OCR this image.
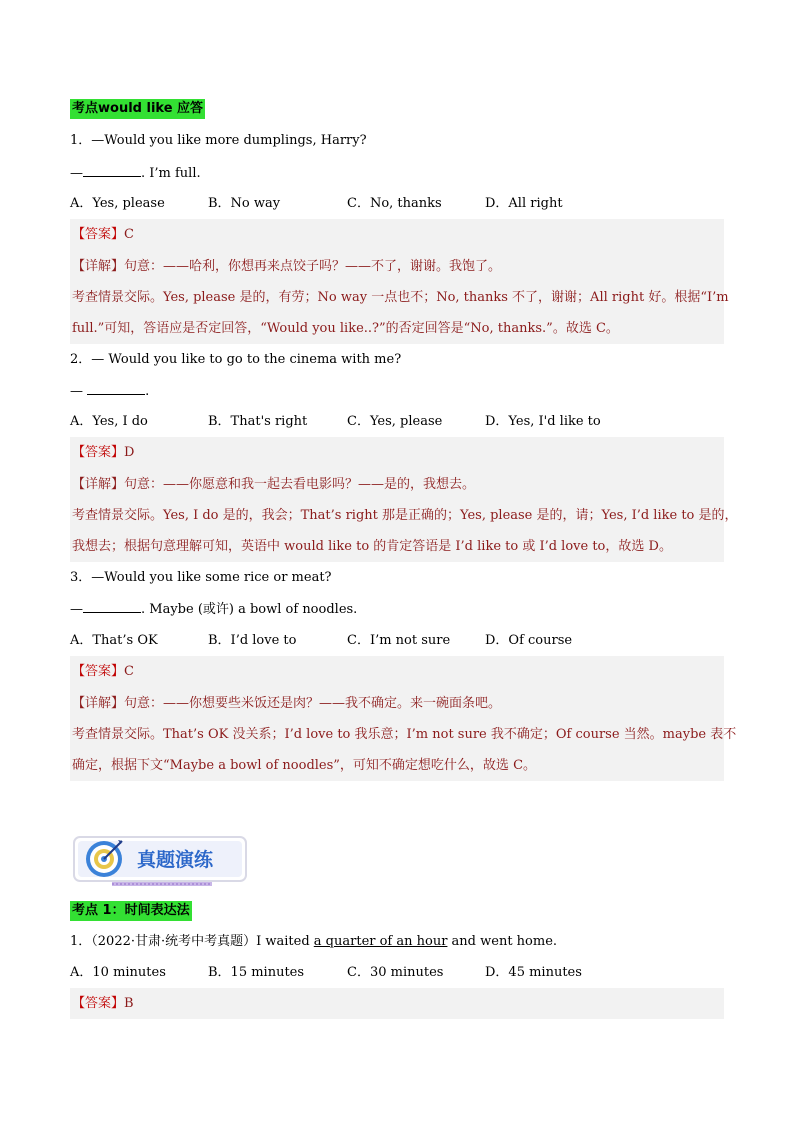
考点would like 应答
1．—Would you like more dumplings, Harry?
—	. I’m full.
A．Yes, please	B．No way	C．No, thanks	D．All right
【答案】C
【详解】句意：——哈利，你想再来点饺子吗？——不了，谢谢。我饱了。
考查情景交际。Yes, please 是的，有劳；No way 一点也不；No, thanks 不了，谢谢；All right 好。根据“I’m
full.”可知，答语应是否定回答，“Would you like..?”的否定回答是“No, thanks.”。故选 C。
2．— Would you like to go to the cinema with me?
—	.
A．Yes, I do	B．That's right	C．Yes, please	D．Yes, I'd like to
【答案】D
【详解】句意：——你愿意和我一起去看电影吗？——是的，我想去。
考查情景交际。Yes, I do 是的，我会；That’s right 那是正确的；Yes, please 是的，请；Yes, I’d like to 是的，
我想去；根据句意理解可知，英语中 would like to 的肯定答语是 I’d like to 或 I’d love to，故选 D。
3．—Would you like some rice or meat?
—	. Maybe (或许) a bowl of noodles.
A．That’s OK	B．I’d love to	C．I’m not sure	D．Of course
【答案】C
【详解】句意：——你想要些米饭还是肉？——我不确定。来一碗面条吧。
考查情景交际。That’s OK 没关系；I’d love to 我乐意；I’m not sure 我不确定；Of course 当然。maybe 表不
确定，根据下文“Maybe a bowl of noodles”，可知不确定想吃什么，故选 C。
真题演练
考点 1：时间表达法
1．（2022·甘肃·统考中考真题）I waited a quarter of an hour and went home.
A．10 minutes	B．15 minutes	C．30 minutes	D．45 minutes
【答案】B
